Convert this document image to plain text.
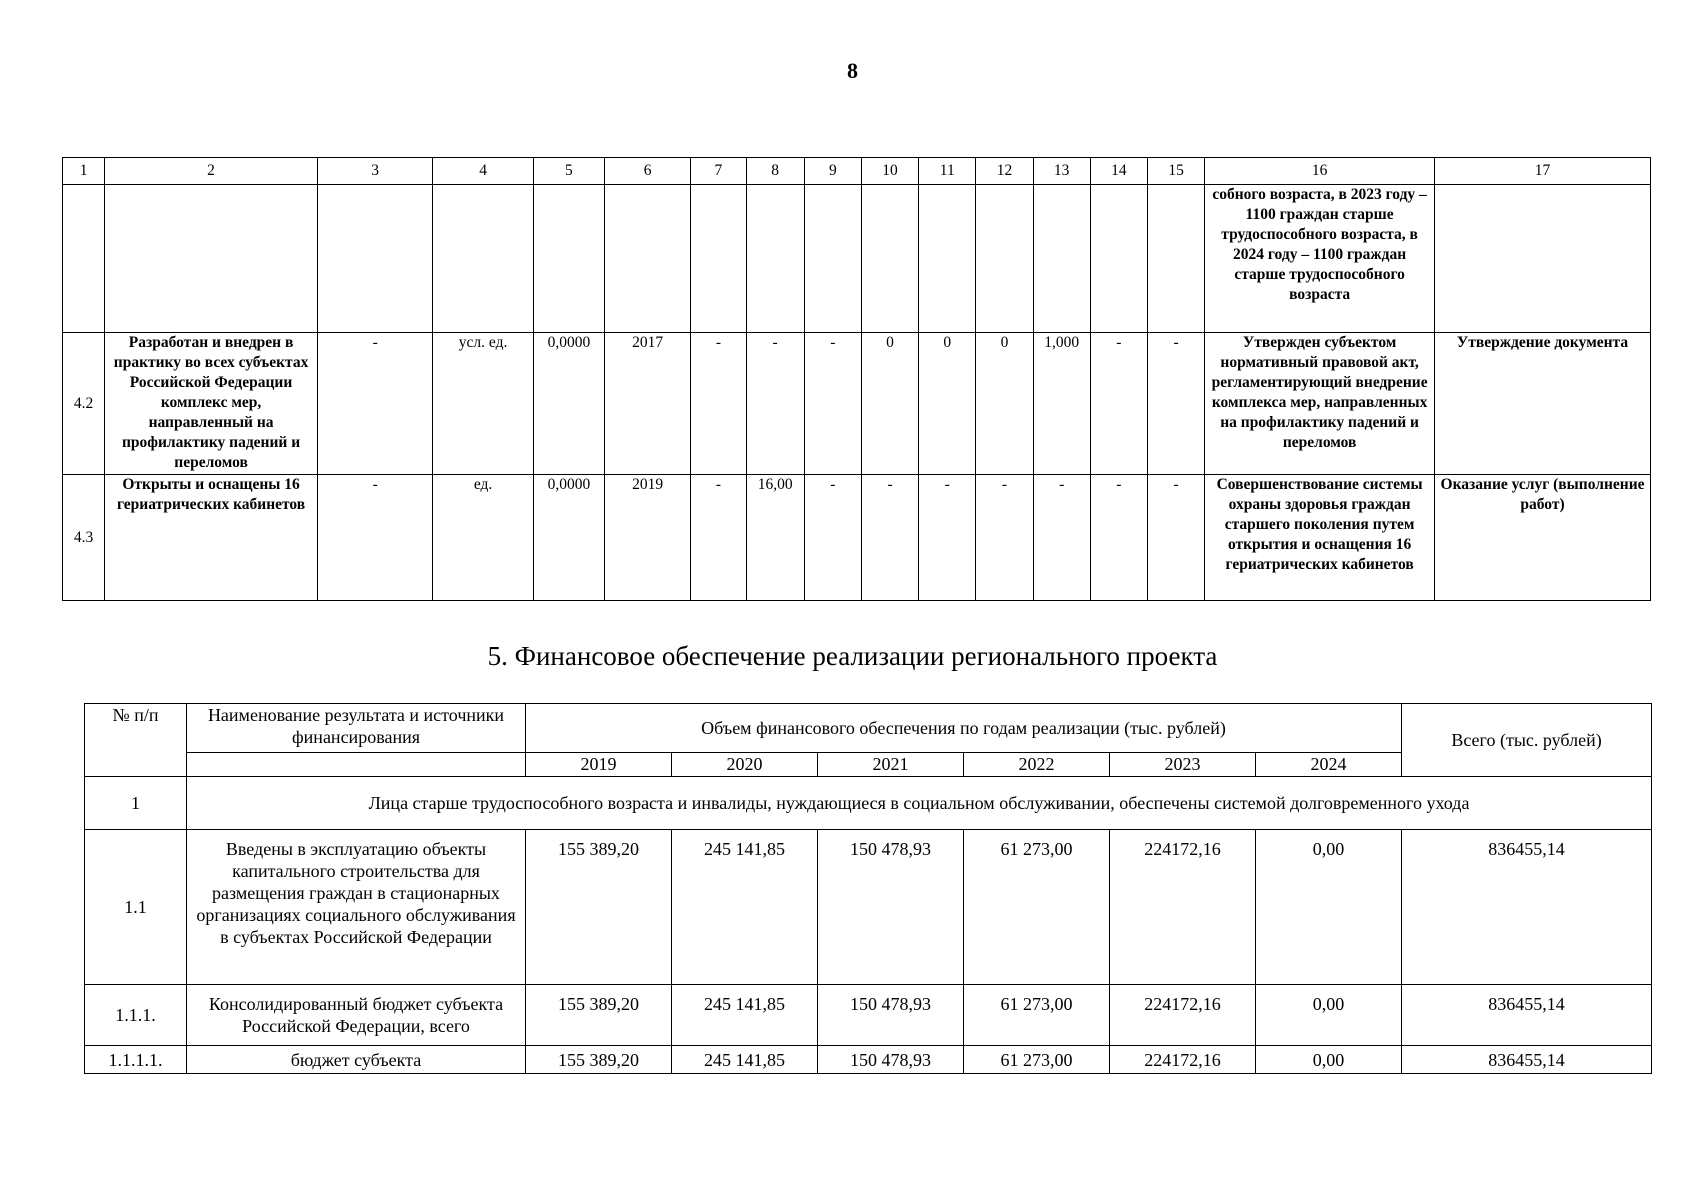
8
1	2	3	4	5	6	7	8	9	10	11	12	13	14	15	16	17
															собного возраста, в 2023 году – 1100 граждан старше трудоспособного возраста, в 2024 году – 1100 граждан старше трудоспособного возраста	
4.2	Разработан и внедрен в практику во всех субъектах Российской Федерации комплекс мер, направленный на профилактику падений и переломов	-	усл. ед.	0,0000	2017	-	-	-	0	0	0	1,000	-	-	Утвержден субъектом нормативный правовой акт, регламентирующий внедрение комплекса мер, направленных на профилактику падений и переломов	Утверждение документа
4.3	Открыты и оснащены 16 гериатрических кабинетов	-	ед.	0,0000	2019	-	16,00	-	-	-	-	-	-	-	Совершенствование системы охраны здоровья граждан старшего поколения путем открытия и оснащения 16 гериатрических кабинетов	Оказание услуг (выполнение работ)
5. Финансовое обеспечение реализации регионального проекта
№ п/п	Наименование результата и источники финансирования	Объем финансового обеспечения по годам реализации (тыс. рублей)						Всего (тыс. рублей)
		2019	2020	2021	2022	2023	2024	
1	Лица старше трудоспособного возраста и инвалиды, нуждающиеся в социальном обслуживании, обеспечены системой долговременного ухода							
1.1	Введены в эксплуатацию объекты капитального строительства для размещения граждан в стационарных организациях социального обслуживания в субъектах Российской Федерации	155 389,20	245 141,85	150 478,93	61 273,00	224172,16	0,00	836455,14
1.1.1.	Консолидированный бюджет субъекта Российской Федерации, всего	155 389,20	245 141,85	150 478,93	61 273,00	224172,16	0,00	836455,14
1.1.1.1.	бюджет субъекта	155 389,20	245 141,85	150 478,93	61 273,00	224172,16	0,00	836455,14
